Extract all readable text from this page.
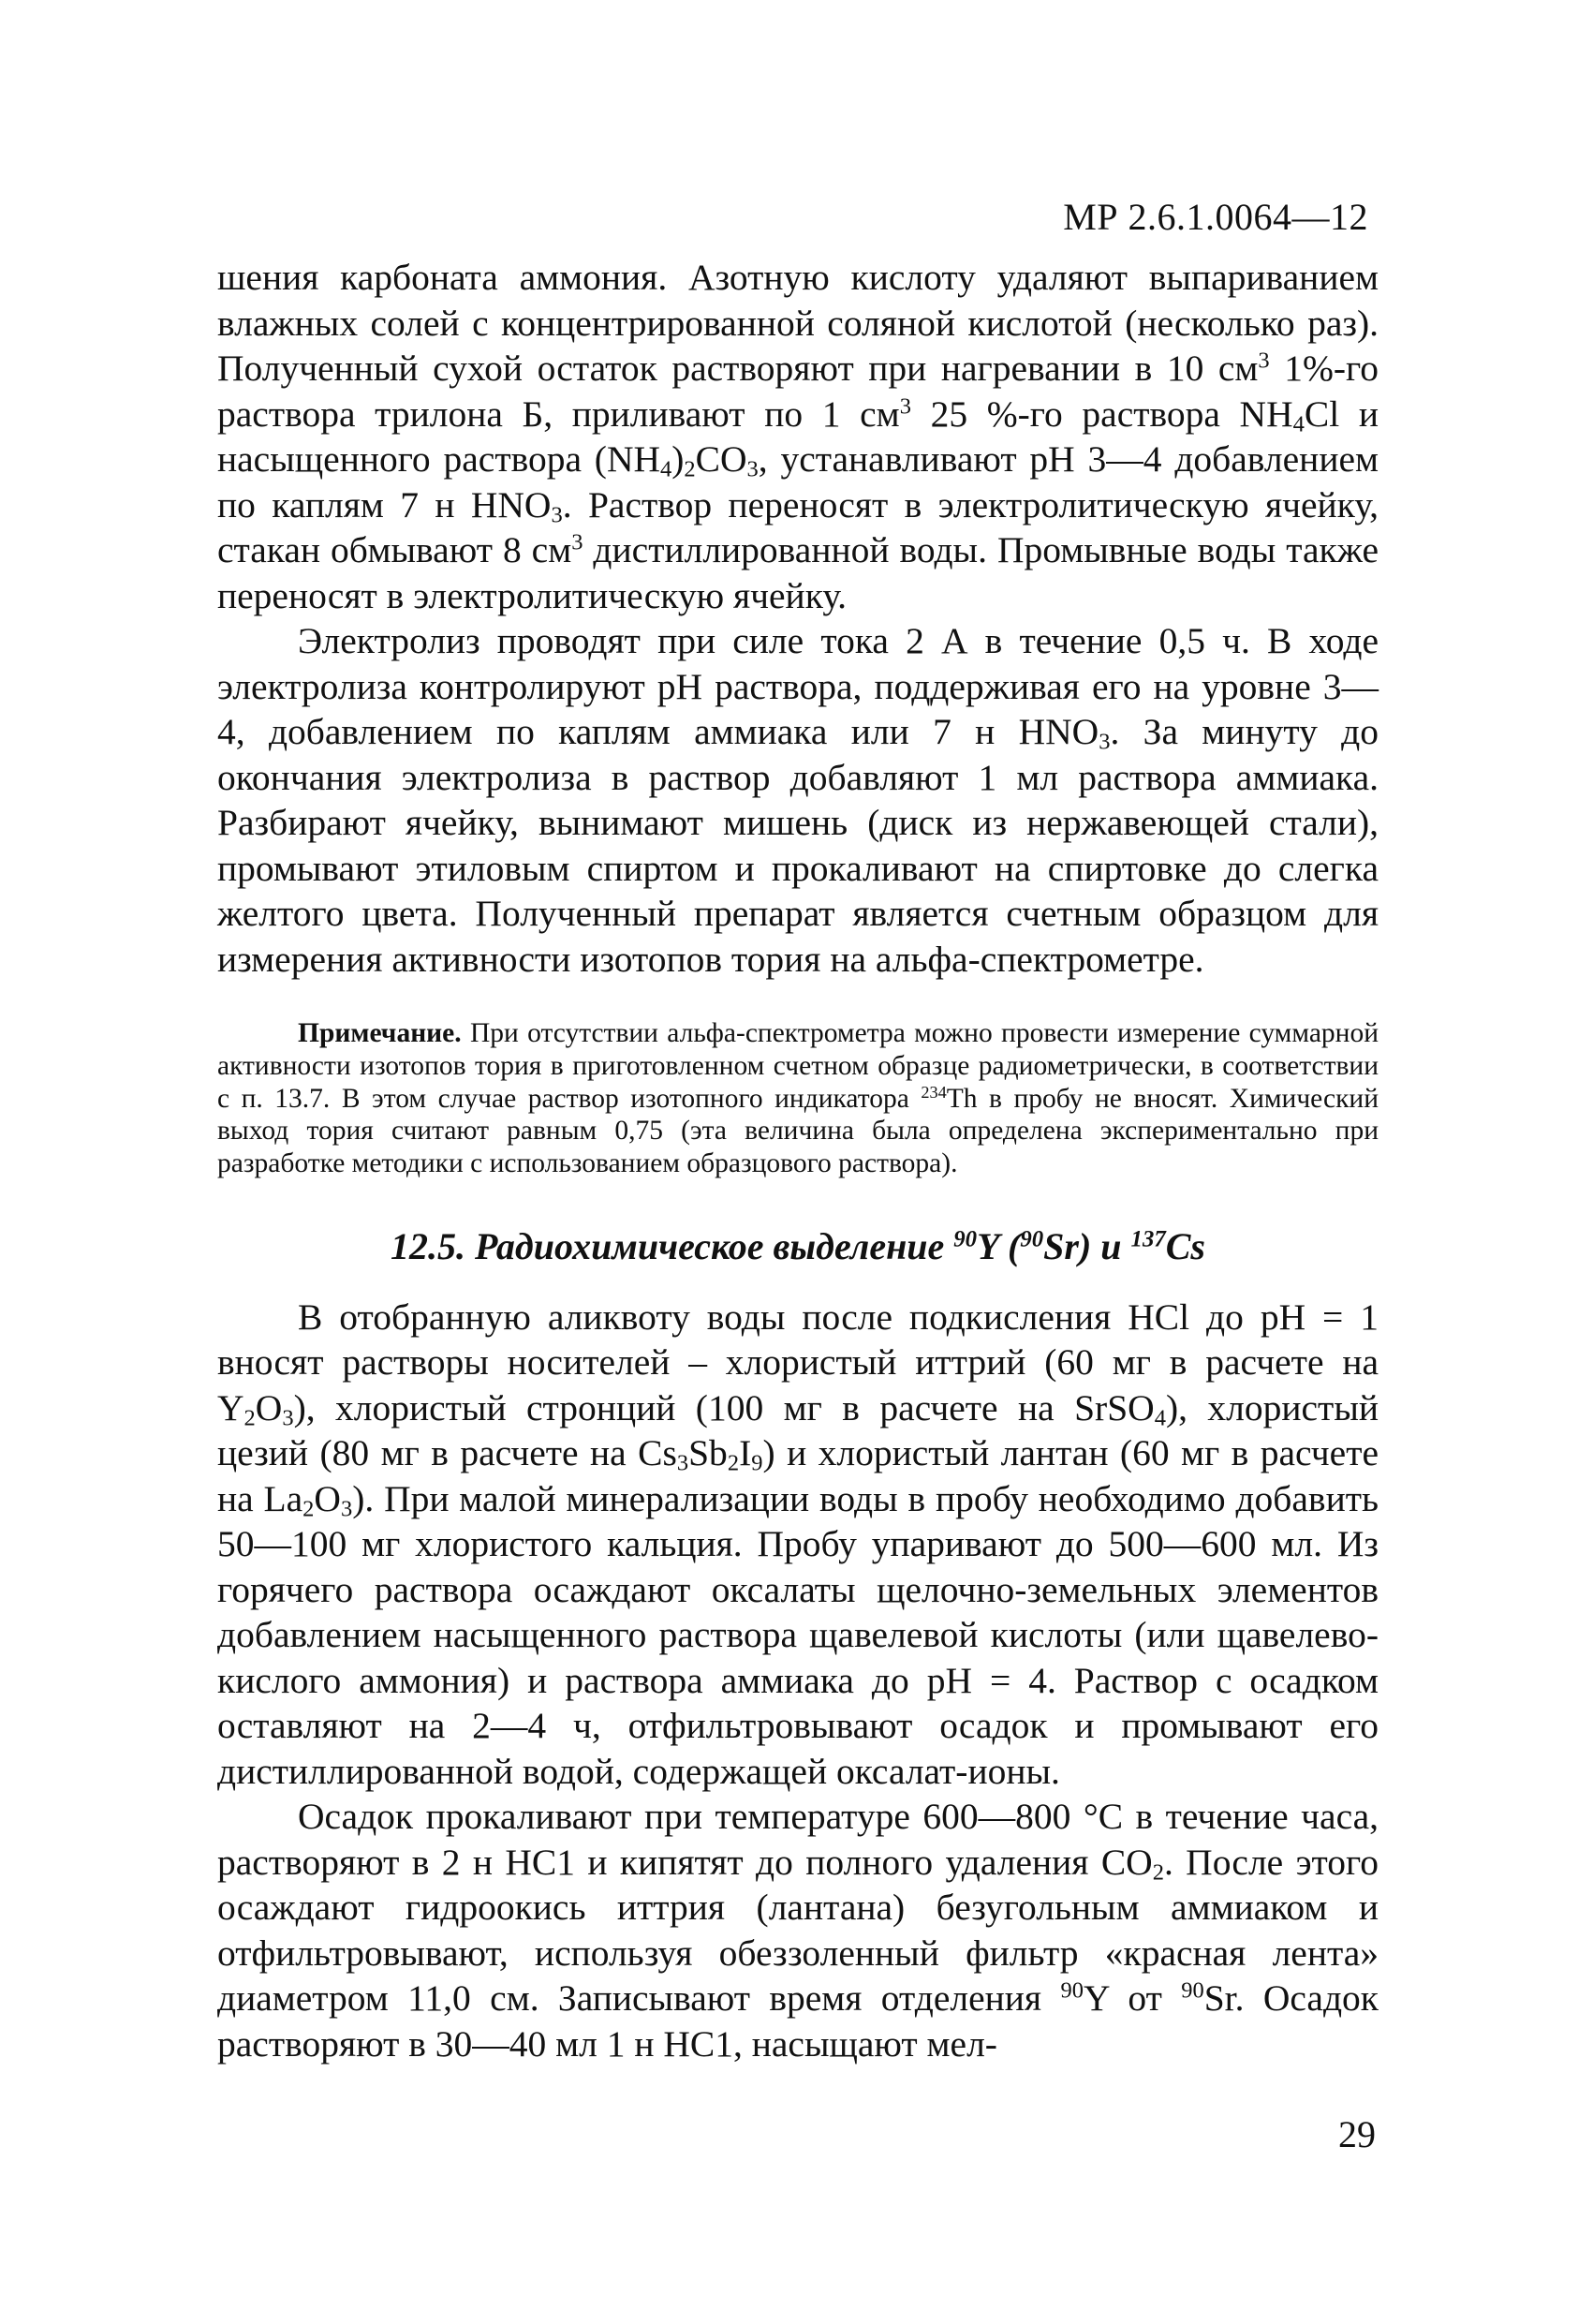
МР 2.6.1.0064—12

шения карбоната аммония. Азотную кислоту удаляют выпариванием влажных солей с концентрированной соляной кислотой (несколько раз). Полученный сухой остаток растворяют при нагревании в 10 $см^3$ 1%-го раствора трилона Б, приливают по 1 $см^3$ 25 %-го раствора $NH_4Cl$ и насыщенного раствора $(NH_4)_2CO_3$, устанавливают рН 3—4 добавлением по каплям 7 н $HNO_3$. Раствор переносят в электролитическую ячейку, стакан обмывают 8 $см^3$ дистиллированной воды. Промывные воды также переносят в электролитическую ячейку.

Электролиз проводят при силе тока 2 А в течение 0,5 ч. В ходе электролиза контролируют рН раствора, поддерживая его на уровне 3—4, добавлением по каплям аммиака или 7 н $HNO_3$. За минуту до окончания электролиза в раствор добавляют 1 мл раствора аммиака. Разбирают ячейку, вынимают мишень (диск из нержавеющей стали), промывают этиловым спиртом и прокаливают на спиртовке до слегка желтого цвета. Полученный препарат является счетным образцом для измерения активности изотопов тория на альфа-спектрометре.

Примечание. При отсутствии альфа-спектрометра можно провести измерение суммарной активности изотопов тория в приготовленном счетном образце радиометрически, в соответствии с п. 13.7. В этом случае раствор изотопного индикатора $^{234}$Th в пробу не вносят. Химический выход тория считают равным 0,75 (эта величина была определена экспериментально при разработке методики с использованием образцового раствора).

12.5. Радиохимическое выделение $^{90}$Y ($^{90}$Sr) и $^{137}$Cs

В отобранную аликвоту воды после подкисления HCl до рН = 1 вносят растворы носителей – хлористый иттрий (60 мг в расчете на $Y_2O_3$), хлористый стронций (100 мг в расчете на SrSO$_4$), хлористый цезий (80 мг в расчете на $Cs_3Sb_2I_9$) и хлористый лантан (60 мг в расчете на $La_2O_3$). При малой минерализации воды в пробу необходимо добавить 50—100 мг хлористого кальция. Пробу упаривают до 500—600 мл. Из горячего раствора осаждают оксалаты щелочно-земельных элементов добавлением насыщенного раствора щавелевой кислоты (или щавелево-кислого аммония) и раствора аммиака до рН = 4. Раствор с осадком оставляют на 2—4 ч, отфильтровывают осадок и промывают его дистиллированной водой, содержащей оксалат-ионы.

Осадок прокаливают при температуре 600—800 °С в течение часа, растворяют в 2 н НС1 и кипятят до полного удаления $СО_2$. После этого осаждают гидроокись иттрия (лантана) безугольным аммиаком и отфильтровывают, используя обеззоленный фильтр «красная лента» диаметром 11,0 см. Записывают время отделения $^{90}$Y от $^{90}$Sr. Осадок растворяют в 30—40 мл 1 н НС1, насыщают мел-

29
